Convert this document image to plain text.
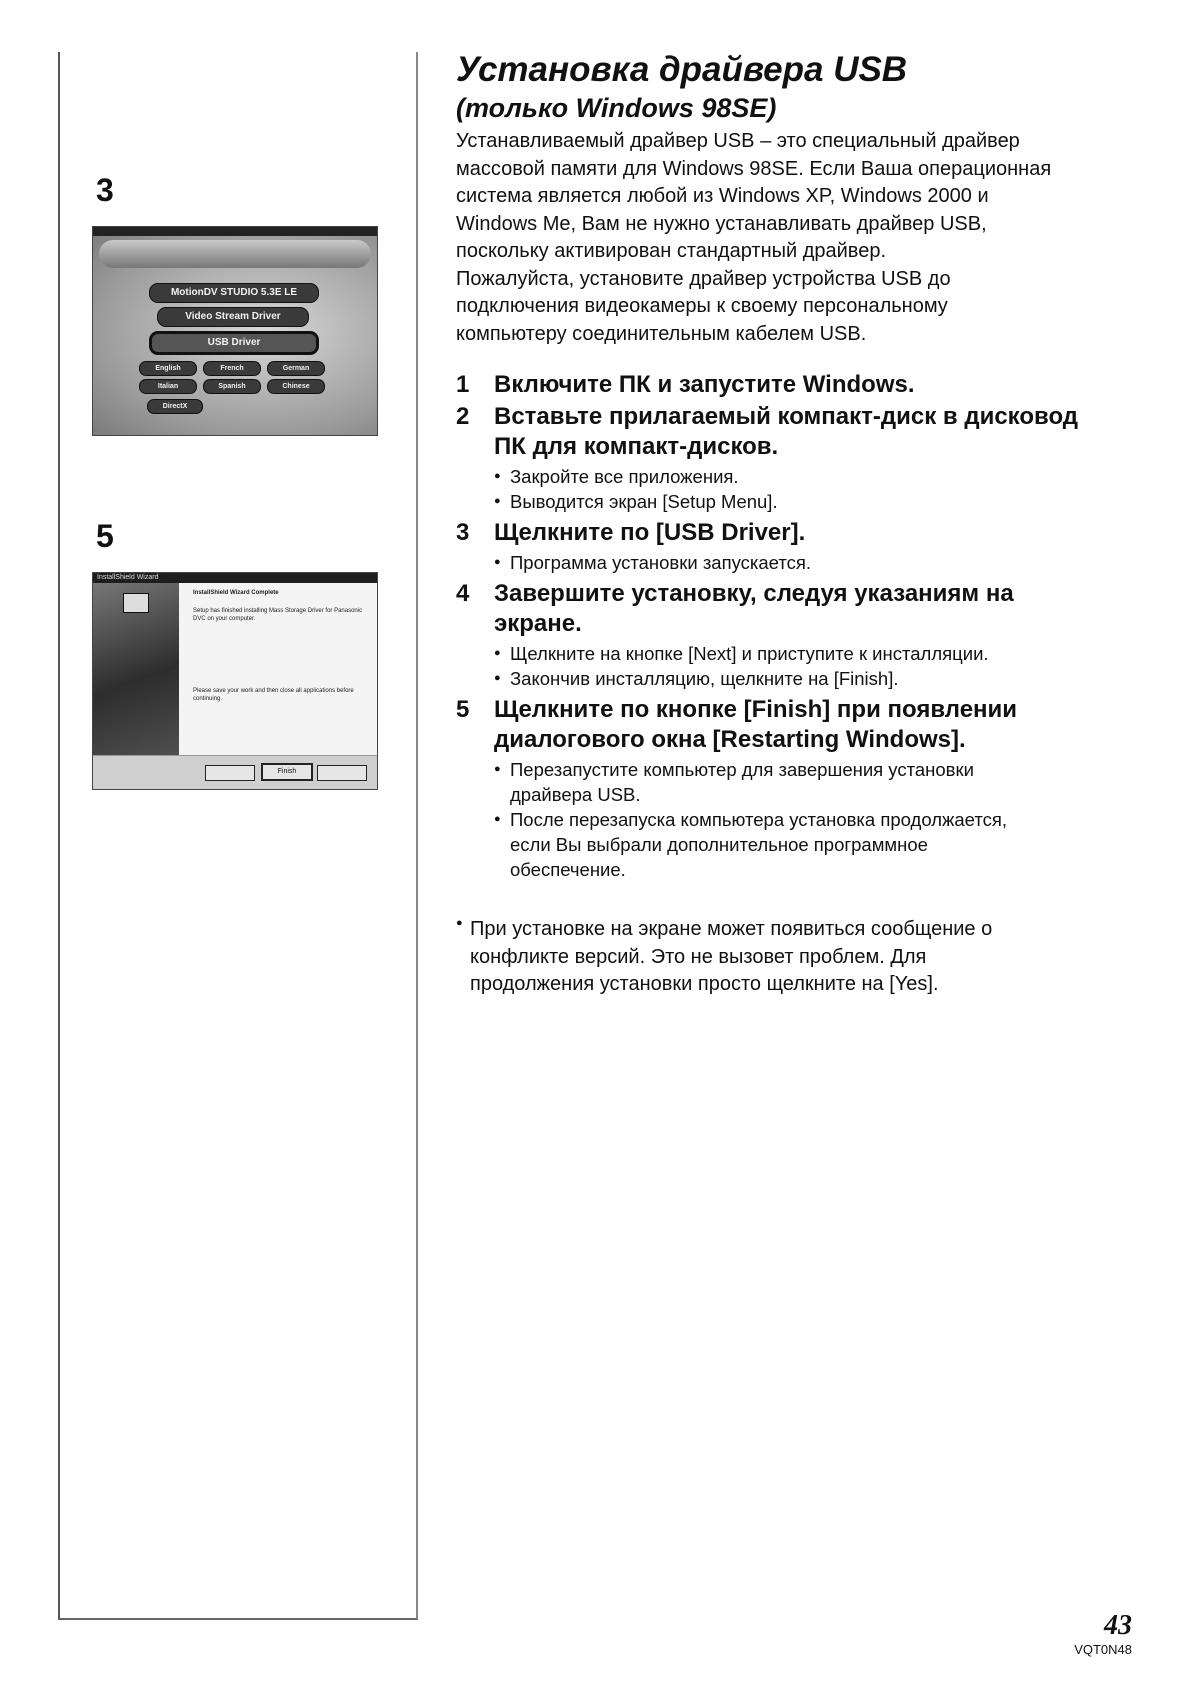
3
MotionDV STUDIO 5.3E LE
Video Stream Driver
USB Driver
English	French	German
Italian	Spanish	Chinese
DirectX
5
InstallShield Wizard
InstallShield Wizard Complete
Setup has finished installing Mass Storage Driver for Panasonic DVC on your computer.
Please save your work and then close all applications before continuing.
Finish
Установка драйвера USB
(только Windows 98SE)

Устанавливаемый драйвер USB – это специальный драйвер

массовой памяти для Windows 98SE. Если Ваша операционная

система является любой из Windows XP, Windows 2000 и

Windows Me, Вам не нужно устанавливать драйвер USB,

поскольку активирован стандартный драйвер.

Пожалуйста, установите драйвер устройства USB до

подключения видеокамеры к своему персональному

компьютеру соединительным кабелем USB.

1 Включите ПК и запустите Windows.
2 Вставьте прилагаемый компакт-диск в дисковод
ПК для компакт-дисков.
● Закройте все приложения.
● Выводится экран [Setup Menu].
3 Щелкните по [USB Driver].
● Программа установки запускается.
4 Завершите установку, следуя указаниям на
экране.
● Щелкните на кнопке [Next] и приступите к инсталляции.
● Закончив инсталляцию, щелкните на [Finish].
5 Щелкните по кнопке [Finish] при появлении
диалогового окна [Restarting Windows].
● Перезапустите компьютер для завершения установки
драйвера USB.
● После перезапуска компьютера установка продолжается,
если Вы выбрали дополнительное программное
обеспечение.

● При установке на экране может появиться сообщение о

конфликте версий. Это не вызовет проблем. Для

продолжения установки просто щелкните на [Yes].

43
VQT0N48
